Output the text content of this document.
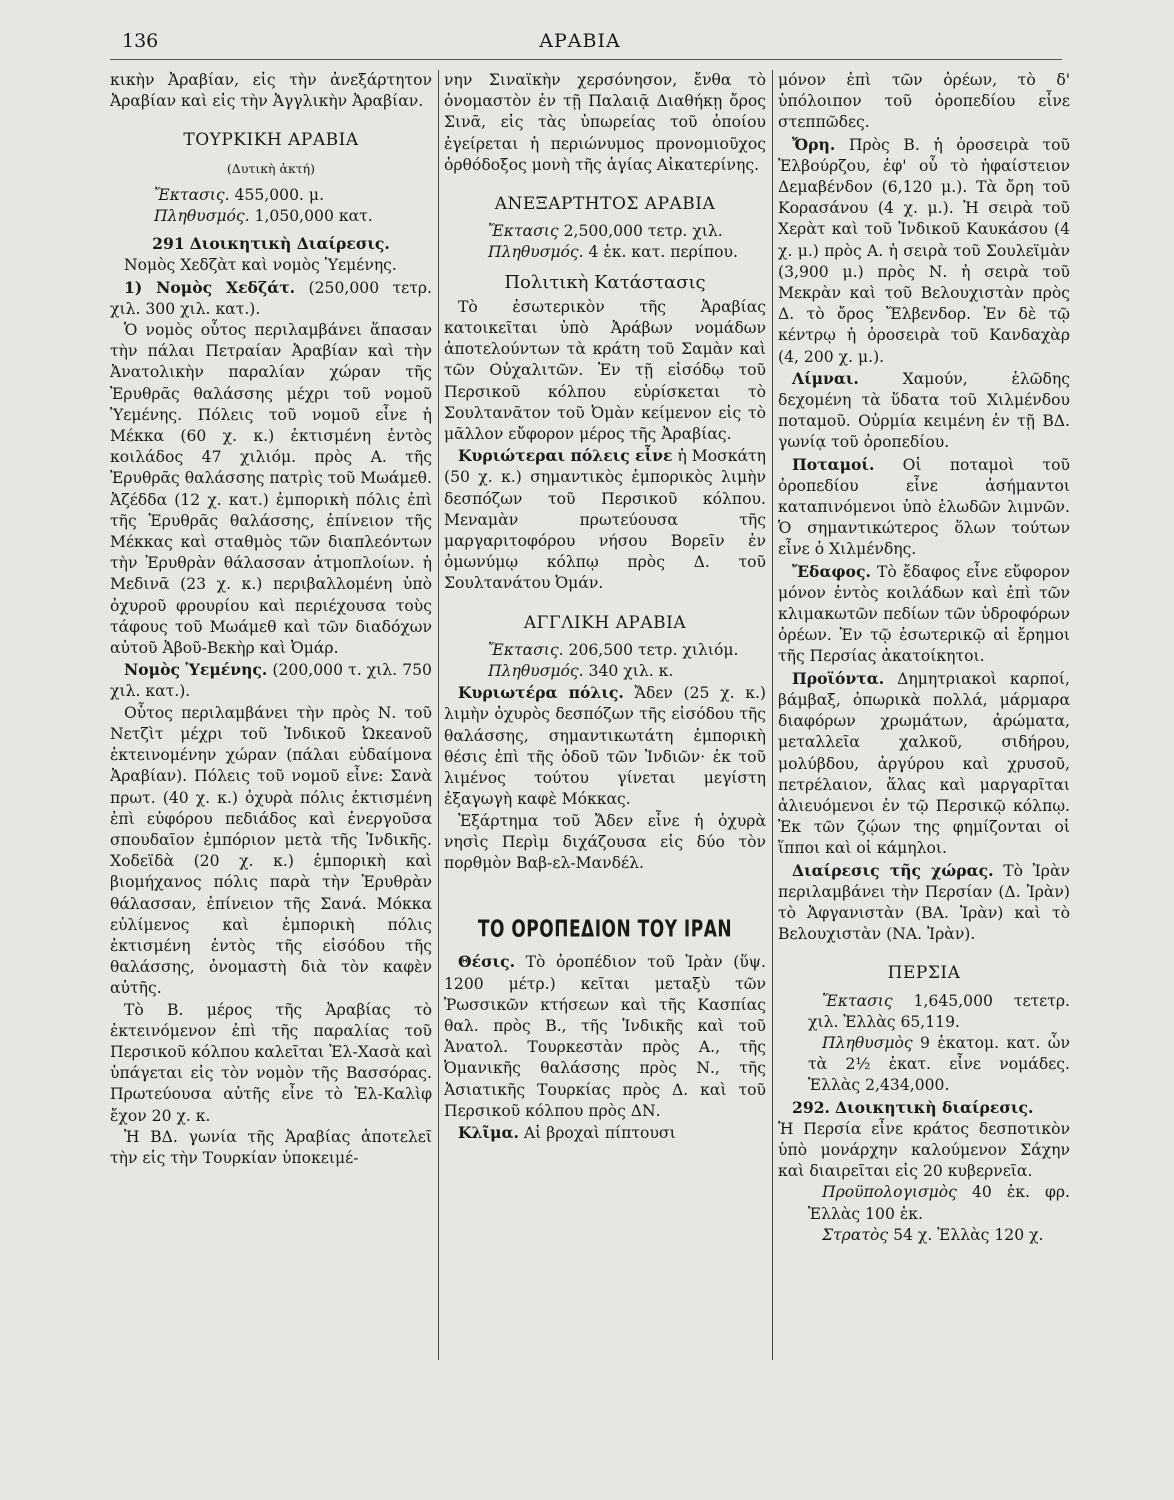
136	ΑΡΑΒΙΑ

κικὴν Ἀραβίαν, εἰς τὴν ἀνεξάρτητον Ἀραβίαν καὶ εἰς τὴν Ἀγγλικὴν Ἀραβίαν.

ΤΟΥΡΚΙΚΗ ΑΡΑΒΙΑ
(Δυτικὴ ἀκτή)

Ἔκτασις. 455,000. μ.

Πληθυσμός. 1,050,000 κατ.

291 Διοικητικὴ Διαίρεσις.

Νομὸς Χεδζὰτ καὶ νομὸς Ὑεμένης.

1) Νομὸς Χεδζάτ. (250,000 τετρ. χιλ. 300 χιλ. κατ.).

Ὁ νομὸς οὗτος περιλαμβάνει ἅπασαν τὴν πάλαι Πετραίαν Ἀραβίαν καὶ τὴν Ἀνατολικὴν παραλίαν χώραν τῆς Ἐρυθρᾶς θαλάσσης μέχρι τοῦ νομοῦ Ὑεμένης. Πόλεις τοῦ νομοῦ εἶνε ἡ Μέκκα (60 χ. κ.) ἐκτισμένη ἐντὸς κοιλάδος 47 χιλιόμ. πρὸς Α. τῆς Ἐρυθρᾶς θαλάσσης πατρὶς τοῦ Μωάμεθ. Ἀζέδδα (12 χ. κατ.) ἐμπορικὴ πόλις ἐπὶ τῆς Ἐρυθρᾶς θαλάσσης, ἐπίνειον τῆς Μέκκας καὶ σταθμὸς τῶν διαπλεόντων τὴν Ἐρυθρὰν θάλασσαν ἀτμοπλοίων. ἡ Μεδινᾶ (23 χ. κ.) περιβαλλομένη ὑπὸ ὀχυροῦ φρουρίου καὶ περιέχουσα τοὺς τάφους τοῦ Μωάμεθ καὶ τῶν διαδόχων αὐτοῦ Ἀβοῦ-Βεκὴρ καὶ Ὀμάρ.

Νομὸς Ὑεμένης. (200,000 τ. χιλ. 750 χιλ. κατ.).

Οὗτος περιλαμβάνει τὴν πρὸς Ν. τοῦ Νετζὶτ μέχρι τοῦ Ἰνδικοῦ Ὠκεανοῦ ἐκτεινομένην χώραν (πάλαι εὐδαίμονα Ἀραβίαν). Πόλεις τοῦ νομοῦ εἶνε: Σανὰ πρωτ. (40 χ. κ.) ὀχυρὰ πόλις ἐκτισμένη ἐπὶ εὐφόρου πεδιάδος καὶ ἐνεργοῦσα σπουδαῖον ἐμπόριον μετὰ τῆς Ἰνδικῆς. Χοδεϊδὰ (20 χ. κ.) ἐμπορικὴ καὶ βιομήχανος πόλις παρὰ τὴν Ἐρυθρὰν θάλασσαν, ἐπίνειον τῆς Σανά. Μόκκα εὐλίμενος καὶ ἐμπορικὴ πόλις ἐκτισμένη ἐντὸς τῆς εἰσόδου τῆς θαλάσσης, ὀνομαστὴ διὰ τὸν καφὲν αὐτῆς.

Τὸ Β. μέρος τῆς Ἀραβίας τὸ ἐκτεινόμενον ἐπὶ τῆς παραλίας τοῦ Περσικοῦ κόλπου καλεῖται Ἐλ-Χασὰ καὶ ὑπάγεται εἰς τὸν νομὸν τῆς Βασσόρας. Πρωτεύουσα αὐτῆς εἶνε τὸ Ἐλ-Καλὶφ ἔχον 20 χ. κ.

Ἡ ΒΔ. γωνία τῆς Ἀραβίας ἀποτελεῖ τὴν εἰς τὴν Τουρκίαν ὑποκειμέ-

νην Σιναϊκὴν χερσόνησον, ἔνθα τὸ ὀνομαστὸν ἐν τῇ Παλαιᾷ Διαθήκῃ ὄρος Σινᾶ, εἰς τὰς ὑπωρείας τοῦ ὁποίου ἐγείρεται ἡ περιώνυμος προνομιοῦχος ὀρθόδοξος μονὴ τῆς ἁγίας Αἰκατερίνης.

ΑΝΕΞΑΡΤΗΤΟΣ ΑΡΑΒΙΑ

Ἔκτασις 2,500,000 τετρ. χιλ.

Πληθυσμός. 4 ἑκ. κατ. περίπου.

Πολιτικὴ Κατάστασις

Τὸ ἐσωτερικὸν τῆς Ἀραβίας κατοικεῖται ὑπὸ Ἀράβων νομάδων ἀποτελούντων τὰ κράτη τοῦ Σαμὰν καὶ τῶν Οὐχαλιτῶν. Ἐν τῇ εἰσόδῳ τοῦ Περσικοῦ κόλπου εὑρίσκεται τὸ Σουλτανᾶτον τοῦ Ὀμὰν κείμενον εἰς τὸ μᾶλλον εὔφορον μέρος τῆς Ἀραβίας.

Κυριώτεραι πόλεις εἶνε ἡ Μοσκάτη (50 χ. κ.) σημαντικὸς ἐμπορικὸς λιμὴν δεσπόζων τοῦ Περσικοῦ κόλπου. Μεναμὰν πρωτεύουσα τῆς μαργαριτοφόρου νήσου Βορεῖν ἐν ὁμωνύμῳ κόλπῳ πρὸς Δ. τοῦ Σουλτανάτου Ὀμάν.

ΑΓΓΛΙΚΗ ΑΡΑΒΙΑ

Ἔκτασις. 206,500 τετρ. χιλιόμ.

Πληθυσμός. 340 χιλ. κ.

Κυριωτέρα πόλις. Ἄδεν (25 χ. κ.) λιμὴν ὀχυρὸς δεσπόζων τῆς εἰσόδου τῆς θαλάσσης, σημαντικωτάτη ἐμπορικὴ θέσις ἐπὶ τῆς ὁδοῦ τῶν Ἰνδιῶν· ἐκ τοῦ λιμένος τούτου γίνεται μεγίστη ἐξαγωγὴ καφὲ Μόκκας.

Ἐξάρτημα τοῦ Ἄδεν εἶνε ἡ ὀχυρὰ νησὶς Περὶμ διχάζουσα εἰς δύο τὸν πορθμὸν Βαβ-ελ-Μανδέλ.

ΤΟ ΟΡΟΠΕΔΙΟΝ ΤΟΥ ΙΡΑΝ

Θέσις. Τὸ ὀροπέδιον τοῦ Ἰρὰν (ὕψ. 1200 μέτρ.) κεῖται μεταξὺ τῶν Ῥωσσικῶν κτήσεων καὶ τῆς Κασπίας θαλ. πρὸς Β., τῆς Ἰνδικῆς καὶ τοῦ Ἀνατολ. Τουρκεστὰν πρὸς Α., τῆς Ὀμανικῆς θαλάσσης πρὸς Ν., τῆς Ἀσιατικῆς Τουρκίας πρὸς Δ. καὶ τοῦ Περσικοῦ κόλπου πρὸς ΔΝ.

Κλῖμα. Αἱ βροχαὶ πίπτουσι

μόνον ἐπὶ τῶν ὀρέων, τὸ δ' ὑπόλοιπον τοῦ ὀροπεδίου εἶνε στεππῶδες.

Ὄρη. Πρὸς Β. ἡ ὀροσειρὰ τοῦ Ἐλβούρζου, ἐφ' οὗ τὸ ἡφαίστειον Δεμαβένδον (6,120 μ.). Τὰ ὄρη τοῦ Κορασάνου (4 χ. μ.). Ἡ σειρὰ τοῦ Χερὰτ καὶ τοῦ Ἰνδικοῦ Καυκάσου (4 χ. μ.) πρὸς Α. ἡ σειρὰ τοῦ Σουλεϊμὰν (3,900 μ.) πρὸς Ν. ἡ σειρὰ τοῦ Μεκρὰν καὶ τοῦ Βελουχιστὰν πρὸς Δ. τὸ ὄρος Ἔλβενδορ. Ἐν δὲ τῷ κέντρῳ ἡ ὀροσειρὰ τοῦ Κανδαχὰρ (4, 200 χ. μ.).

Λίμναι.	Χαμούν, ἑλῶδης δεχομένη τὰ ὕδατα τοῦ Χιλμένδου ποταμοῦ. Οὐρμία κειμένη ἐν τῇ ΒΔ. γωνίᾳ τοῦ ὀροπεδίου.

Ποταμοί. Οἱ ποταμοὶ τοῦ ὀροπεδίου εἶνε ἀσήμαντοι καταπινόμενοι ὑπὸ ἑλωδῶν λιμνῶν. Ὁ σημαντικώτερος ὅλων τούτων εἶνε ὁ Χιλμένδης.

Ἔδαφος. Τὸ ἔδαφος εἶνε εὔφορον μόνον ἐντὸς κοιλάδων καὶ ἐπὶ τῶν κλιμακωτῶν πεδίων τῶν ὑδροφόρων ὀρέων. Ἐν τῷ ἐσωτερικῷ αἱ ἔρημοι τῆς Περσίας ἀκατοίκητοι.

Προϊόντα. Δημητριακοὶ καρποί, βάμβαξ, ὀπωρικὰ πολλά, μάρμαρα διαφόρων χρωμάτων, ἀρώματα, μεταλλεῖα χαλκοῦ, σιδήρου, μολύβδου, ἀργύρου καὶ χρυσοῦ, πετρέλαιον, ἅλας καὶ μαργαρῖται ἁλιευόμενοι ἐν τῷ Περσικῷ κόλπῳ. Ἐκ τῶν ζῴων της φημίζονται οἱ ἵπποι καὶ οἱ κάμηλοι.

Διαίρεσις τῆς χώρας. Τὸ Ἰρὰν περιλαμβάνει τὴν Περσίαν (Δ. Ἰρὰν) τὸ Ἀφγανιστὰν (ΒΑ. Ἰρὰν) καὶ τὸ Βελουχιστὰν (ΝΑ. Ἰρὰν).

ΠΕΡΣΙΑ

Ἔκτασις 1,645,000 τετετρ. χιλ. Ἑλλὰς 65,119.

Πληθυσμὸς 9 ἑκατομ. κατ. ὧν τὰ 2½ ἑκατ. εἶνε νομάδες. Ἑλλὰς 2,434,000.

292. Διοικητικὴ διαίρεσις.

Ἡ Περσία εἶνε κράτος δεσποτικὸν ὑπὸ μονάρχην καλούμενον Σάχην καὶ διαιρεῖται εἰς 20 κυβερνεῖα.

Προϋπολογισμὸς 40 ἑκ. φρ. Ἑλλὰς 100 ἑκ.

Στρατὸς 54 χ. Ἑλλὰς 120 χ.
